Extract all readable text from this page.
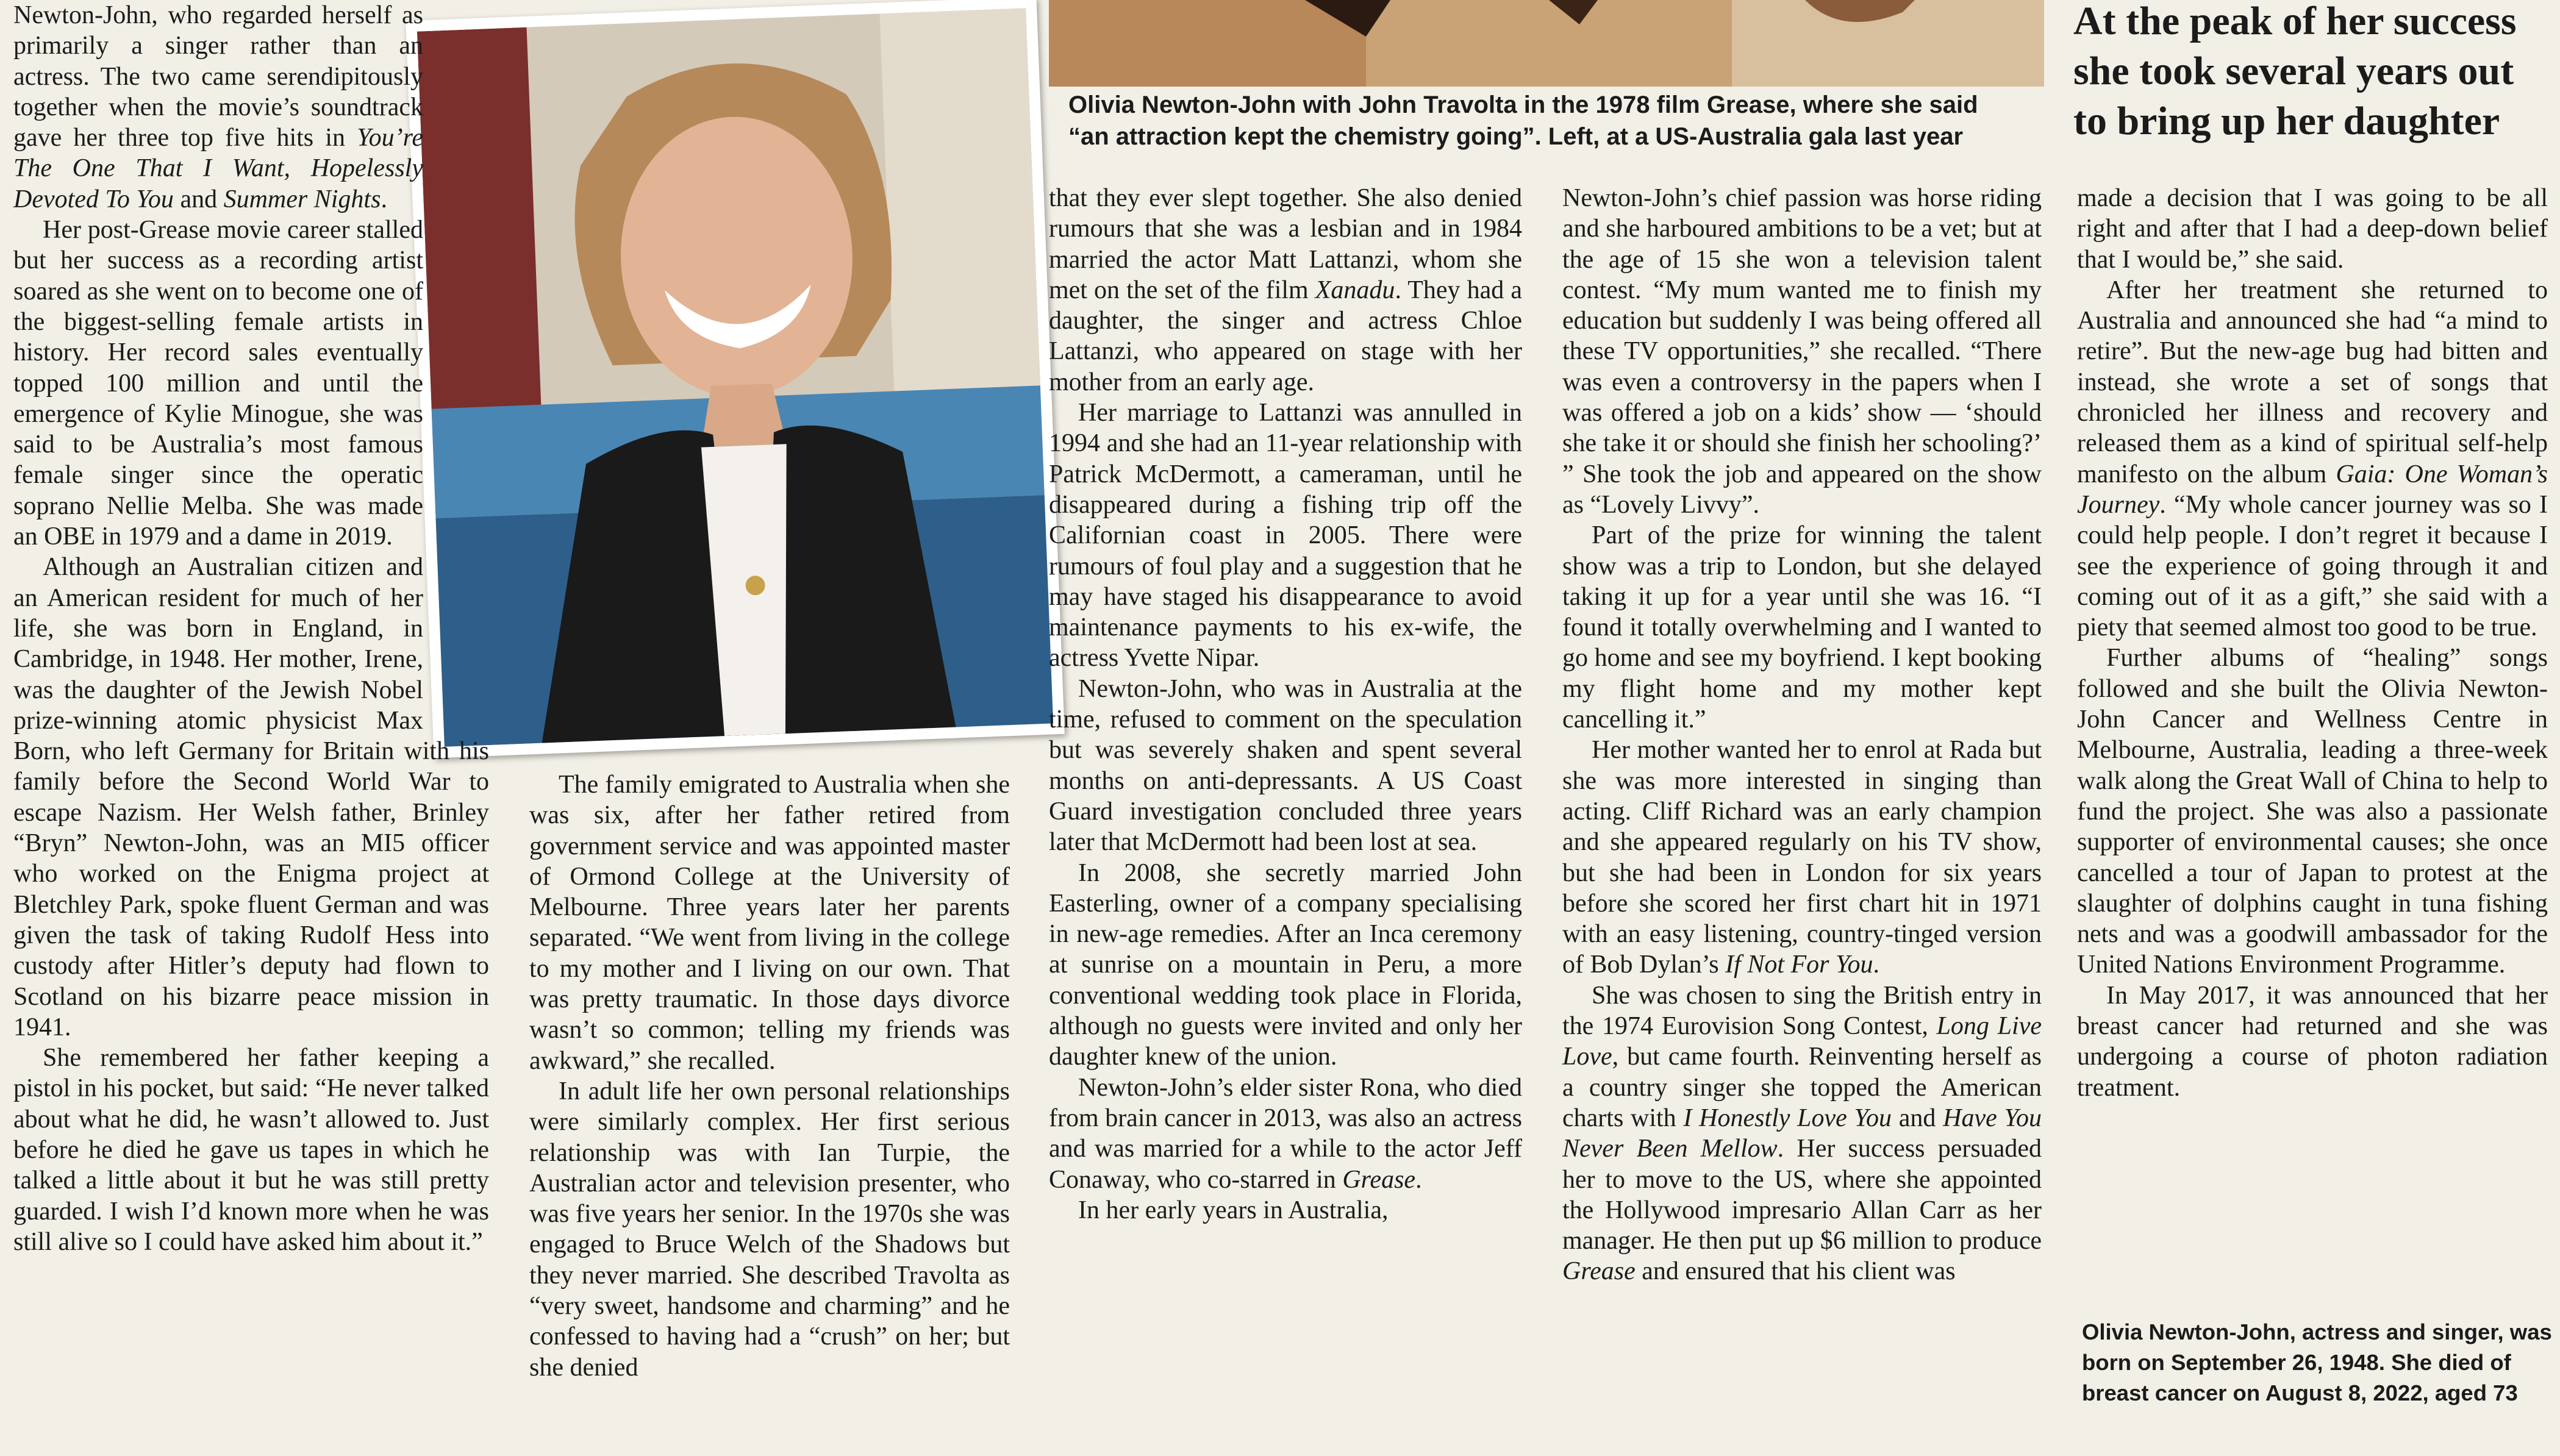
Olivia Newton-John with John Travolta in the 1978 film Grease, where she said
“an attraction kept the chemistry going”. Left, at a US-Australia gala last year
At the peak of her success she took several years out to bring up her daughter

Newton-John, who regarded herself as primarily a singer rather than an actress. The two came serendipitously together when the movie’s soundtrack gave her three top five hits in You’re The One That I Want, Hopelessly Devoted To You and Summer Nights.

Her post-Grease movie career stalled but her success as a recording artist soared as she went on to become one of the biggest-selling female artists in history. Her record sales eventually topped 100 million and until the emergence of Kylie Minogue, she was said to be Australia’s most famous female singer since the operatic soprano Nellie Melba. She was made an OBE in 1979 and a dame in 2019.

Although an Australian citizen and an American resident for much of her life, she was born in England, in Cambridge, in 1948. Her mother, Irene, was the daughter of the Jewish Nobel prize-winning atomic physicist Max Born, who left Germany for Britain with his family before the Second World War to escape Nazism. Her Welsh father, Brinley “Bryn” Newton-John, was an MI5 officer who worked on the Enigma project at Bletchley Park, spoke fluent German and was given the task of taking Rudolf Hess into custody after Hitler’s deputy had flown to Scotland on his bizarre peace mission in 1941.

She remembered her father keeping a pistol in his pocket, but said: “He never talked about what he did, he wasn’t allowed to. Just before he died he gave us tapes in which he talked a little about it but he was still pretty guarded. I wish I’d known more when he was still alive so I could have asked him about it.”

The family emigrated to Australia when she was six, after her father retired from government service and was appointed master of Ormond College at the University of Melbourne. Three years later her parents separated. “We went from living in the college to my mother and I living on our own. That was pretty traumatic. In those days divorce wasn’t so common; telling my friends was awkward,” she recalled.

In adult life her own personal relationships were similarly complex. Her first serious relationship was with Ian Turpie, the Australian actor and television presenter, who was five years her senior. In the 1970s she was engaged to Bruce Welch of the Shadows but they never married. She described Travolta as “very sweet, handsome and charming” and he confessed to having had a “crush” on her; but she denied

that they ever slept together. She also denied rumours that she was a lesbian and in 1984 married the actor Matt Lattanzi, whom she met on the set of the film Xanadu. They had a daughter, the singer and actress Chloe Lattanzi, who appeared on stage with her mother from an early age.

Her marriage to Lattanzi was annulled in 1994 and she had an 11-year relationship with Patrick McDermott, a cameraman, until he disappeared during a fishing trip off the Californian coast in 2005. There were rumours of foul play and a suggestion that he may have staged his disappearance to avoid maintenance payments to his ex-wife, the actress Yvette Nipar.

Newton-John, who was in Australia at the time, refused to comment on the speculation but was severely shaken and spent several months on anti-depressants. A US Coast Guard investigation concluded three years later that McDermott had been lost at sea.

In 2008, she secretly married John Easterling, owner of a company specialising in new-age remedies. After an Inca ceremony at sunrise on a mountain in Peru, a more conventional wedding took place in Florida, although no guests were invited and only her daughter knew of the union.

Newton-John’s elder sister Rona, who died from brain cancer in 2013, was also an actress and was married for a while to the actor Jeff Conaway, who co-starred in Grease.

In her early years in Australia,

Newton-John’s chief passion was horse riding and she harboured ambitions to be a vet; but at the age of 15 she won a television talent contest. “My mum wanted me to finish my education but suddenly I was being offered all these TV opportunities,” she recalled. “There was even a controversy in the papers when I was offered a job on a kids’ show — ‘should she take it or should she finish her schooling?’ ” She took the job and appeared on the show as “Lovely Livvy”.

Part of the prize for winning the talent show was a trip to London, but she delayed taking it up for a year until she was 16. “I found it totally overwhelming and I wanted to go home and see my boyfriend. I kept booking my flight home and my mother kept cancelling it.”

Her mother wanted her to enrol at Rada but she was more interested in singing than acting. Cliff Richard was an early champion and she appeared regularly on his TV show, but she had been in London for six years before she scored her first chart hit in 1971 with an easy listening, country-tinged version of Bob Dylan’s If Not For You.

She was chosen to sing the British entry in the 1974 Eurovision Song Contest, Long Live Love, but came fourth. Reinventing herself as a country singer she topped the American charts with I Honestly Love You and Have You Never Been Mellow. Her success persuaded her to move to the US, where she appointed the Hollywood impresario Allan Carr as her manager. He then put up $6 million to produce Grease and ensured that his client was

made a decision that I was going to be all right and after that I had a deep-down belief that I would be,” she said.

After her treatment she returned to Australia and announced she had “a mind to retire”. But the new-age bug had bitten and instead, she wrote a set of songs that chronicled her illness and recovery and released them as a kind of spiritual self-help manifesto on the album Gaia: One Woman’s Journey. “My whole cancer journey was so I could help people. I don’t regret it because I see the experience of going through it and coming out of it as a gift,” she said with a piety that seemed almost too good to be true.

Further albums of “healing” songs followed and she built the Olivia Newton-John Cancer and Wellness Centre in Melbourne, Australia, leading a three-week walk along the Great Wall of China to help to fund the project. She was also a passionate supporter of environmental causes; she once cancelled a tour of Japan to protest at the slaughter of dolphins caught in tuna fishing nets and was a goodwill ambassador for the United Nations Environment Programme.

In May 2017, it was announced that her breast cancer had returned and she was undergoing a course of photon radiation treatment.

Olivia Newton-John, actress and singer, was born on September 26, 1948. She died of breast cancer on August 8, 2022, aged 73
